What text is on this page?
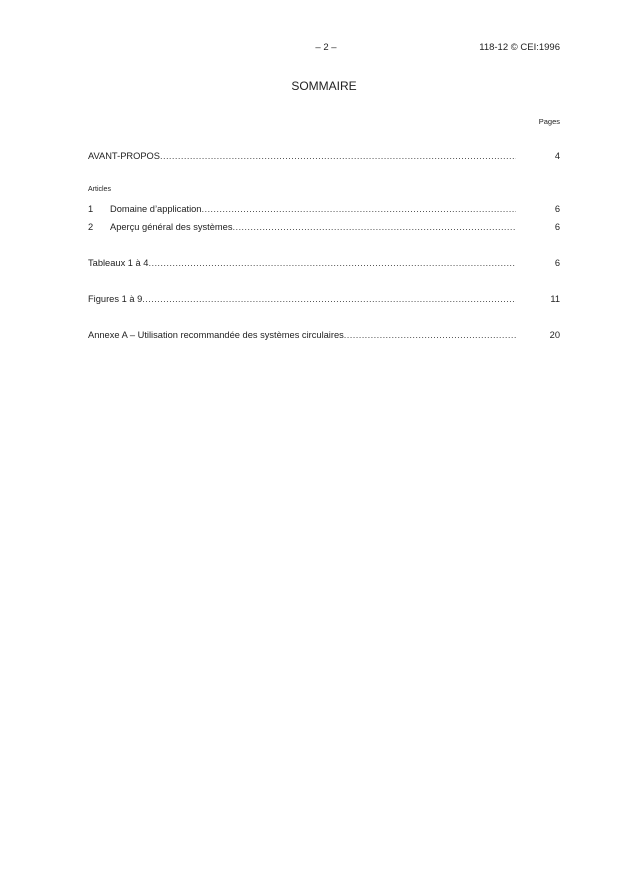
– 2 –	118-12 © CEI:1996
SOMMAIRE
Pages
AVANT-PROPOS .....	4
Articles
1	Domaine d’application .....	6
2	Aperçu général des systèmes .....	6
Tableaux 1 à 4 .....	6
Figures 1 à 9 .....	11
Annexe A – Utilisation recommandée des systèmes circulaires .....	20
